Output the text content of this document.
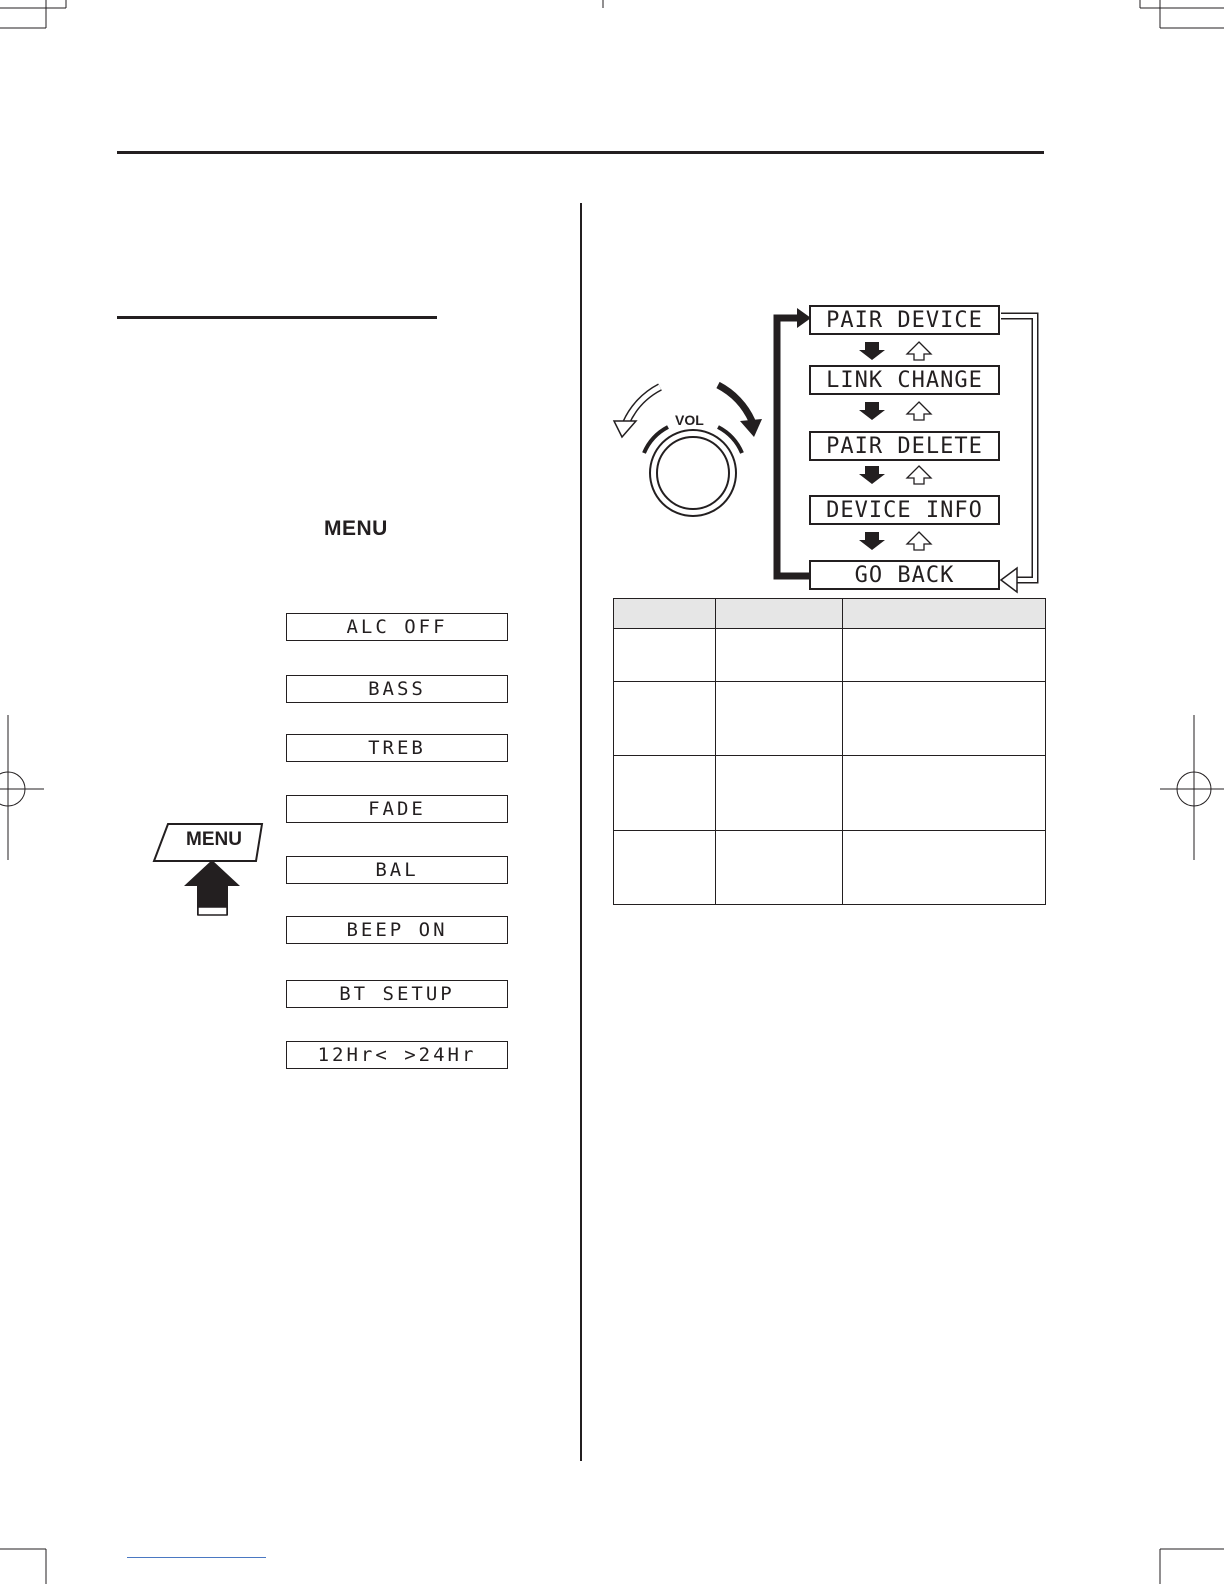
MENU
ALC OFF
BASS
TREB
FADE
BAL
BEEP ON
BT SETUP
12Hr< >24Hr
MENU
VOL
PAIR DEVICE
LINK CHANGE
PAIR DELETE
DEVICE INFO
GO BACK
